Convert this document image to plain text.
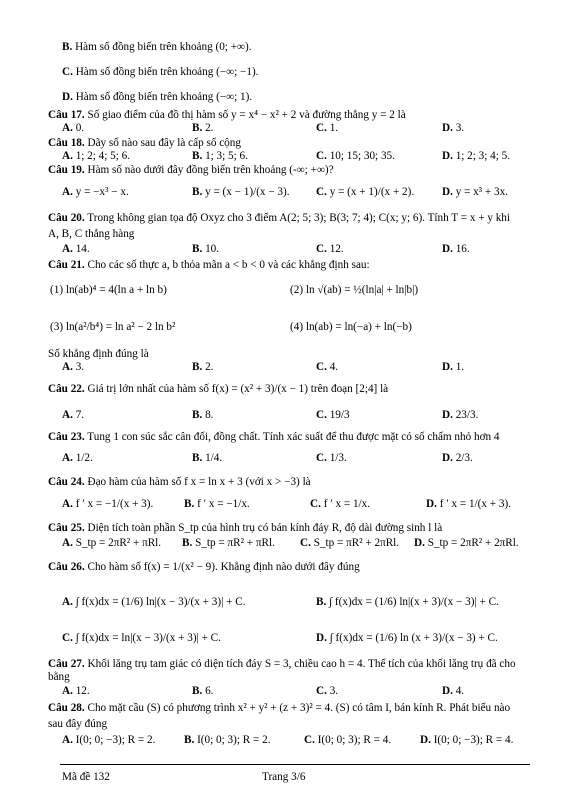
B. Hàm số đồng biến trên khoảng (0; +∞).
C. Hàm số đồng biến trên khoảng (−∞; −1).
D. Hàm số đồng biến trên khoảng (−∞; 1).
Câu 17. Số giao điểm của đồ thị hàm số y = x⁴ − x² + 2 và đường thẳng y = 2 là
A. 0.	B. 2.	C. 1.	D. 3.
Câu 18. Dãy số nào sau đây là cấp số cộng
A. 1; 2; 4; 5; 6.	B. 1; 3; 5; 6.	C. 10; 15; 30; 35.	D. 1; 2; 3; 4; 5.
Câu 19. Hàm số nào dưới đây đồng biến trên khoảng (-∞; +∞)?
A. y = −x³ − x.	B. y = (x − 1)/(x − 3). C. y = (x + 1)/(x + 2). D. y = x³ + 3x.
Câu 20. Trong không gian tọa độ Oxyz cho 3 điểm A(2; 5; 3); B(3; 7; 4); C(x; y; 6). Tính T = x + y khi
A, B, C thẳng hàng
A. 14.	B. 10.	C. 12.	D. 16.
Câu 21. Cho các số thực a, b thỏa mãn a < b < 0 và các khẳng định sau:
(1) ln(ab)⁴ = 4(ln a + ln b)	(2) ln √(ab) = ½(ln|a| + ln|b|)
(3) ln(a²/b⁴) = ln a² − 2 ln b²	(4) ln(ab) = ln(−a) + ln(−b)
Số khẳng định đúng là
A. 3.	B. 2.	C. 4.	D. 1.
Câu 22. Giá trị lớn nhất của hàm số f(x) = (x² + 3)/(x − 1) trên đoạn [2;4] là
A. 7.	B. 8.	C. 19/3	D. 23/3.
Câu 23. Tung 1 con súc sắc cân đối, đồng chất. Tính xác suất để thu được mặt có số chấm nhỏ hơn 4
A. 1/2.	B. 1/4.	C. 1/3.	D. 2/3.
Câu 24. Đạo hàm của hàm số f x = ln x + 3 (với x > −3) là
A. f ′ x = −1/(x + 3).	B. f ′ x = −1/x.	C. f ′ x = 1/x.	D. f ′ x = 1/(x + 3).
Câu 25. Diện tích toàn phần S_tp của hình trụ có bán kính đáy R, độ dài đường sinh l là
A. S_tp = 2πR² + πRl. B. S_tp = πR² + πRl. C. S_tp = πR² + 2πRl. D. S_tp = 2πR² + 2πRl.
Câu 26. Cho hàm số f(x) = 1/(x² − 9). Khẳng định nào dưới đây đúng
A. ∫ f(x)dx = (1/6) ln|(x − 3)/(x + 3)| + C.	B. ∫ f(x)dx = (1/6) ln|(x + 3)/(x − 3)| + C.
C. ∫ f(x)dx = ln|(x − 3)/(x + 3)| + C.	D. ∫ f(x)dx = (1/6) ln (x + 3)/(x − 3) + C.
Câu 27. Khối lăng trụ tam giác có diện tích đáy S = 3, chiều cao h = 4. Thể tích của khối lăng trụ đã cho
bằng
A. 12.	B. 6.	C. 3.	D. 4.
Câu 28. Cho mặt cầu (S) có phương trình x² + y² + (z + 3)² = 4. (S) có tâm I, bán kính R. Phát biểu nào
sau đây đúng
A. I(0; 0; −3); R = 2.	B. I(0; 0; 3); R = 2.	C. I(0; 0; 3); R = 4.	D. I(0; 0; −3); R = 4.
Mã đề 132	Trang 3/6
